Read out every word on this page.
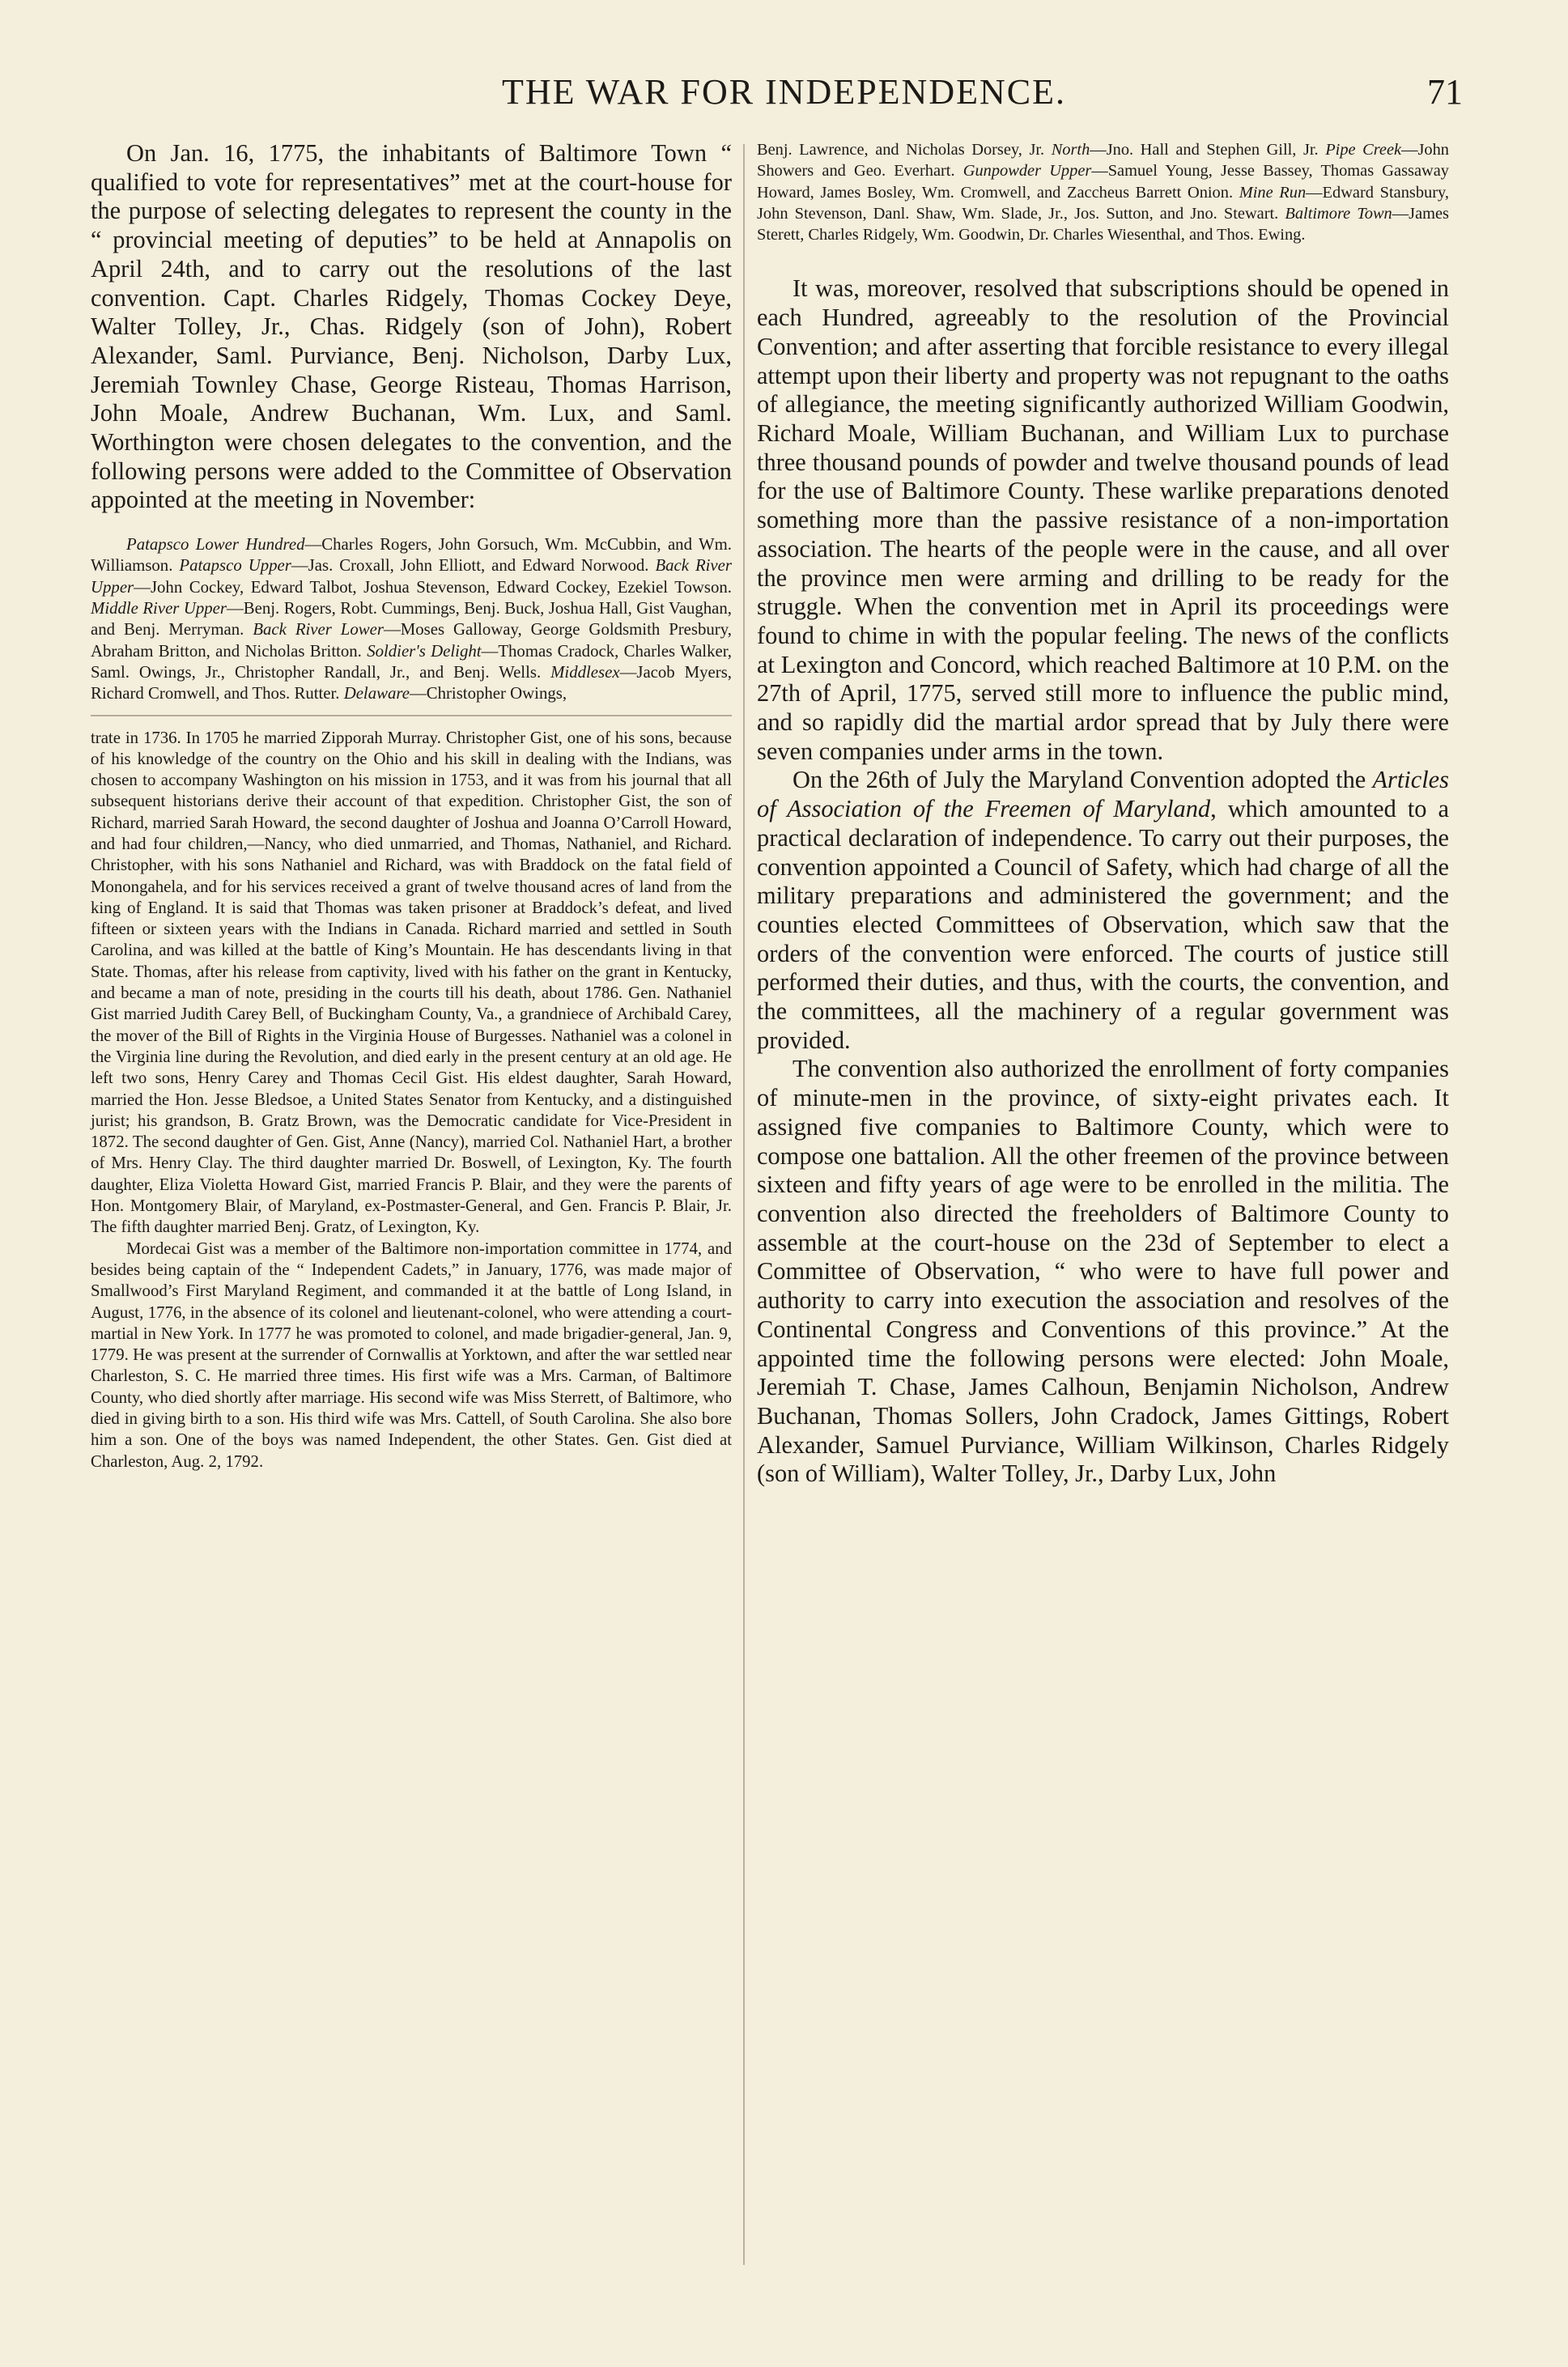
THE WAR FOR INDEPENDENCE.	71

On Jan. 16, 1775, the inhabitants of Baltimore Town “ qualified to vote for representatives” met at the court-house for the purpose of selecting delegates to represent the county in the “ provincial meeting of deputies” to be held at Annapolis on April 24th, and to carry out the resolutions of the last convention. Capt. Charles Ridgely, Thomas Cockey Deye, Walter Tolley, Jr., Chas. Ridgely (son of John), Robert Alexander, Saml. Purviance, Benj. Nicholson, Darby Lux, Jeremiah Townley Chase, George Risteau, Thomas Harrison, John Moale, Andrew Buchanan, Wm. Lux, and Saml. Worthington were chosen delegates to the convention, and the following persons were added to the Committee of Observation appointed at the meeting in November:

Patapsco Lower Hundred—Charles Rogers, John Gorsuch, Wm. McCubbin, and Wm. Williamson. Patapsco Upper—Jas. Croxall, John Elliott, and Edward Norwood. Back River Upper—John Cockey, Edward Talbot, Joshua Stevenson, Edward Cockey, Ezekiel Towson. Middle River Upper—Benj. Rogers, Robt. Cummings, Benj. Buck, Joshua Hall, Gist Vaughan, and Benj. Merryman. Back River Lower—Moses Galloway, George Goldsmith Presbury, Abraham Britton, and Nicholas Britton. Soldier's Delight—Thomas Cradock, Charles Walker, Saml. Owings, Jr., Christopher Randall, Jr., and Benj. Wells. Middlesex—Jacob Myers, Richard Cromwell, and Thos. Rutter. Delaware—Christopher Owings,

trate in 1736. In 1705 he married Zipporah Murray. Christopher Gist, one of his sons, because of his knowledge of the country on the Ohio and his skill in dealing with the Indians, was chosen to accompany Washington on his mission in 1753, and it was from his journal that all subsequent historians derive their account of that expedition. Christopher Gist, the son of Richard, married Sarah Howard, the second daughter of Joshua and Joanna O’Carroll Howard, and had four children,—Nancy, who died unmarried, and Thomas, Nathaniel, and Richard. Christopher, with his sons Nathaniel and Richard, was with Braddock on the fatal field of Monongahela, and for his services received a grant of twelve thousand acres of land from the king of England. It is said that Thomas was taken prisoner at Braddock’s defeat, and lived fifteen or sixteen years with the Indians in Canada. Richard married and settled in South Carolina, and was killed at the battle of King’s Mountain. He has descendants living in that State. Thomas, after his release from captivity, lived with his father on the grant in Kentucky, and became a man of note, presiding in the courts till his death, about 1786. Gen. Nathaniel Gist married Judith Carey Bell, of Buckingham County, Va., a grandniece of Archibald Carey, the mover of the Bill of Rights in the Virginia House of Burgesses. Nathaniel was a colonel in the Virginia line during the Revolution, and died early in the present century at an old age. He left two sons, Henry Carey and Thomas Cecil Gist. His eldest daughter, Sarah Howard, married the Hon. Jesse Bledsoe, a United States Senator from Kentucky, and a distinguished jurist; his grandson, B. Gratz Brown, was the Democratic candidate for Vice-President in 1872. The second daughter of Gen. Gist, Anne (Nancy), married Col. Nathaniel Hart, a brother of Mrs. Henry Clay. The third daughter married Dr. Boswell, of Lexington, Ky. The fourth daughter, Eliza Violetta Howard Gist, married Francis P. Blair, and they were the parents of Hon. Montgomery Blair, of Maryland, ex-Postmaster-General, and Gen. Francis P. Blair, Jr. The fifth daughter married Benj. Gratz, of Lexington, Ky.

Mordecai Gist was a member of the Baltimore non-importation committee in 1774, and besides being captain of the “ Independent Cadets,” in January, 1776, was made major of Smallwood’s First Maryland Regiment, and commanded it at the battle of Long Island, in August, 1776, in the absence of its colonel and lieutenant-colonel, who were attending a court-martial in New York. In 1777 he was promoted to colonel, and made brigadier-general, Jan. 9, 1779. He was present at the surrender of Cornwallis at Yorktown, and after the war settled near Charleston, S. C. He married three times. His first wife was a Mrs. Carman, of Baltimore County, who died shortly after marriage. His second wife was Miss Sterrett, of Baltimore, who died in giving birth to a son. His third wife was Mrs. Cattell, of South Carolina. She also bore him a son. One of the boys was named Independent, the other States. Gen. Gist died at Charleston, Aug. 2, 1792.

Benj. Lawrence, and Nicholas Dorsey, Jr. North—Jno. Hall and Stephen Gill, Jr. Pipe Creek—John Showers and Geo. Everhart. Gunpowder Upper—Samuel Young, Jesse Bassey, Thomas Gassaway Howard, James Bosley, Wm. Cromwell, and Zaccheus Barrett Onion. Mine Run—Edward Stansbury, John Stevenson, Danl. Shaw, Wm. Slade, Jr., Jos. Sutton, and Jno. Stewart. Baltimore Town—James Sterett, Charles Ridgely, Wm. Goodwin, Dr. Charles Wiesenthal, and Thos. Ewing.

It was, moreover, resolved that subscriptions should be opened in each Hundred, agreeably to the resolution of the Provincial Convention; and after asserting that forcible resistance to every illegal attempt upon their liberty and property was not repugnant to the oaths of allegiance, the meeting significantly authorized William Goodwin, Richard Moale, William Buchanan, and William Lux to purchase three thousand pounds of powder and twelve thousand pounds of lead for the use of Baltimore County. These warlike preparations denoted something more than the passive resistance of a non-importation association. The hearts of the people were in the cause, and all over the province men were arming and drilling to be ready for the struggle. When the convention met in April its proceedings were found to chime in with the popular feeling. The news of the conflicts at Lexington and Concord, which reached Baltimore at 10 P.M. on the 27th of April, 1775, served still more to influence the public mind, and so rapidly did the martial ardor spread that by July there were seven companies under arms in the town.

On the 26th of July the Maryland Convention adopted the Articles of Association of the Freemen of Maryland, which amounted to a practical declaration of independence. To carry out their purposes, the convention appointed a Council of Safety, which had charge of all the military preparations and administered the government; and the counties elected Committees of Observation, which saw that the orders of the convention were enforced. The courts of justice still performed their duties, and thus, with the courts, the convention, and the committees, all the machinery of a regular government was provided.

The convention also authorized the enrollment of forty companies of minute-men in the province, of sixty-eight privates each. It assigned five companies to Baltimore County, which were to compose one battalion. All the other freemen of the province between sixteen and fifty years of age were to be enrolled in the militia. The convention also directed the freeholders of Baltimore County to assemble at the court-house on the 23d of September to elect a Committee of Observation, “ who were to have full power and authority to carry into execution the association and resolves of the Continental Congress and Conventions of this province.” At the appointed time the following persons were elected: John Moale, Jeremiah T. Chase, James Calhoun, Benjamin Nicholson, Andrew Buchanan, Thomas Sollers, John Cradock, James Gittings, Robert Alexander, Samuel Purviance, William Wilkinson, Charles Ridgely (son of William), Walter Tolley, Jr., Darby Lux, John
